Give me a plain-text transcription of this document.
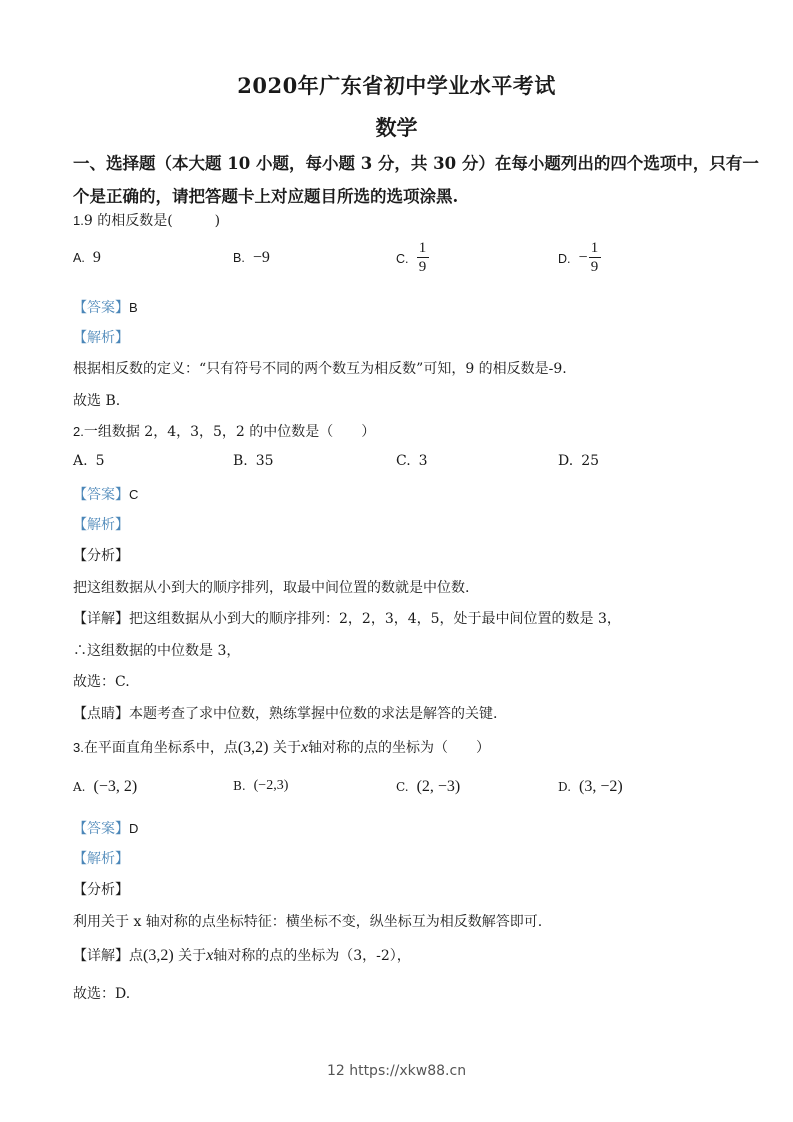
2020年广东省初中学业水平考试
数学
一、选择题（本大题 10 小题，每小题 3 分，共 30 分）在每小题列出的四个选项中，只有一
个是正确的，请把答题卡上对应题目所选的选项涂黑.
1.9 的相反数是(　　　)
A. 9	B. −9	C. $\frac{1}{9}$	D. − $\frac{1}{9}$
【答案】B
【解析】
根据相反数的定义：“只有符号不同的两个数互为相反数”可知，9 的相反数是-9.
故选 B.
2.一组数据 2，4，3，5，2 的中位数是（　　）
A. 5	B. 35	C. 3	D. 25
【答案】C
【解析】
【分析】
把这组数据从小到大的顺序排列，取最中间位置的数就是中位数.
【详解】把这组数据从小到大的顺序排列：2，2，3，4，5，处于最中间位置的数是 3，
∴这组数据的中位数是 3，
故选：C.
【点睛】本题考查了求中位数，熟练掌握中位数的求法是解答的关键.
3.在平面直角坐标系中，点(3,2) 关于x轴对称的点的坐标为（　　）
A. (−3, 2)	B. (−2,3)	C. (2, −3)	D. (3, −2)
【答案】D
【解析】
【分析】
利用关于 x 轴对称的点坐标特征：横坐标不变，纵坐标互为相反数解答即可.
【详解】点(3,2) 关于x轴对称的点的坐标为（3，-2），
故选：D.
12 https://xkw88.cn
